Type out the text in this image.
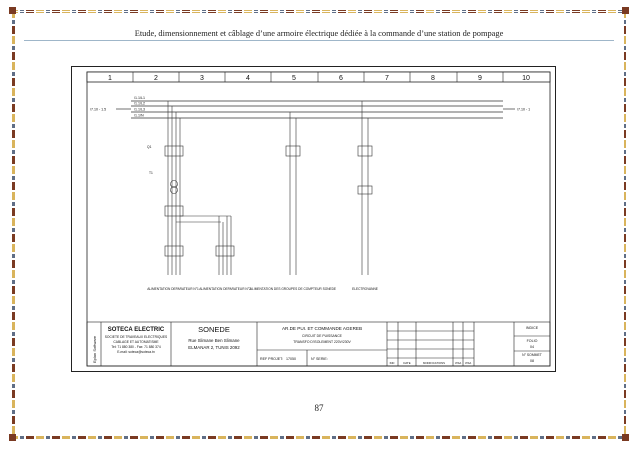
Etude, dimensionnement et câblage d’une armoire électrique dédiée à la commande d’une station de pompage
1	2	3	4	5	6	7	8	9	10
/1.1/L1
/1.1/L2
/1.1/L3
/1.1/N
/7.10 - 1.5	/7.10 - 1
Q1
T1
ALIMENTATION DEPARATEUR N°1 ALIMENTATION DEPARATEUR N°2 ALIMENTATION DES GROUPES DE COMPTEUR SONEDE	ELECTROVANNE
Eplan Software
SOTECA ELECTRIC
SOCIETE DE TRAVEAUX ELECTRIQUES
CABLAGE ET AUTOMATISME
Tel: 71 880 380 - Fax: 71 880 374
E-mail: soteca@soteca.tn
SONEDE
Rue Slimane Ben Slimane
ELMANAR 2, TUNIS 2092
AR.DE PUI. ET COMMANDE AGEREB
CIRCUIT DE PUISSANCE
TRANSFO D'ISOLEMENT 220V/230V
REF PROJET: 17050	N° SERIE:
IND	DATE	MODIFICATIONS	VISA VISA
INDICE
FOLIO
04
N° SOMMET
08
87
